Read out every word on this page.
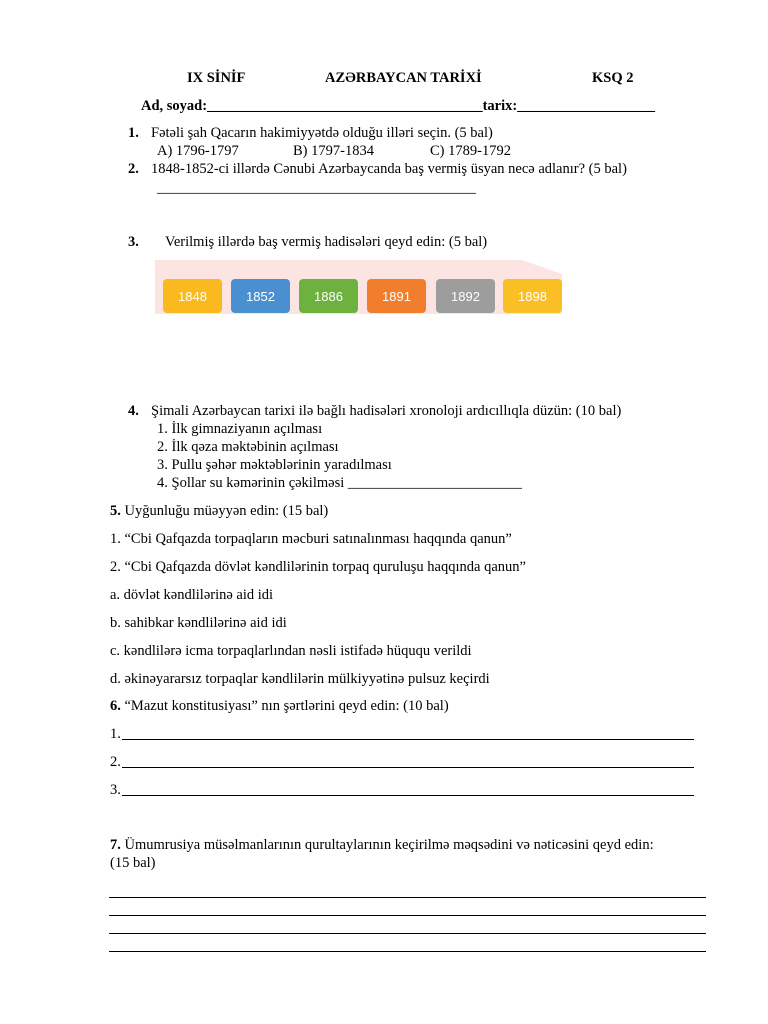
IX SİNİF	AZƏRBAYCAN TARİXİ	KSQ 2
Ad, soyad:______________________________________tarix:___________________
1. Fətəli şah Qacarın hakimiyyətdə olduğu illəri seçin. (5 bal)
A) 1796-1797	B) 1797-1834	C) 1789-1792
2. 1848-1852-ci illərdə Cənubi Azərbaycanda baş vermiş üsyan necə adlanır? (5 bal)
____________________________________________
3. Verilmiş illərdə baş vermiş hadisələri qeyd edin: (5 bal)
1848	1852	1886	1891	1892	1898
4. Şimali Azərbaycan tarixi ilə bağlı hadisələri xronoloji ardıcıllıqla düzün: (10 bal)
1. İlk gimnaziyanın açılması
2. İlk qəza məktəbinin açılması
3. Pullu şəhər məktəblərinin yaradılması
4. Şollar su kəmərinin çəkilməsi ________________________
5. Uyğunluğu müəyyən edin: (15 bal)
1. “Cbi Qafqazda torpaqların məcburi satınalınması haqqında qanun”
2. “Cbi Qafqazda dövlət kəndlilərinin torpaq quruluşu haqqında qanun”
a. dövlət kəndlilərinə aid idi
b. sahibkar kəndlilərinə aid idi
c. kəndlilərə icma torpaqlarlından nəsli istifadə hüququ verildi
d. əkinəyararsız torpaqlar kəndlilərin mülkiyyətinə pulsuz keçirdi
6. “Mazut konstitusiyası” nın şərtlərini qeyd edin: (10 bal)
1.
2.
3.
7. Ümumrusiya müsəlmanlarının qurultaylarının keçirilmə məqsədini və nəticəsini qeyd edin:
(15 bal)
